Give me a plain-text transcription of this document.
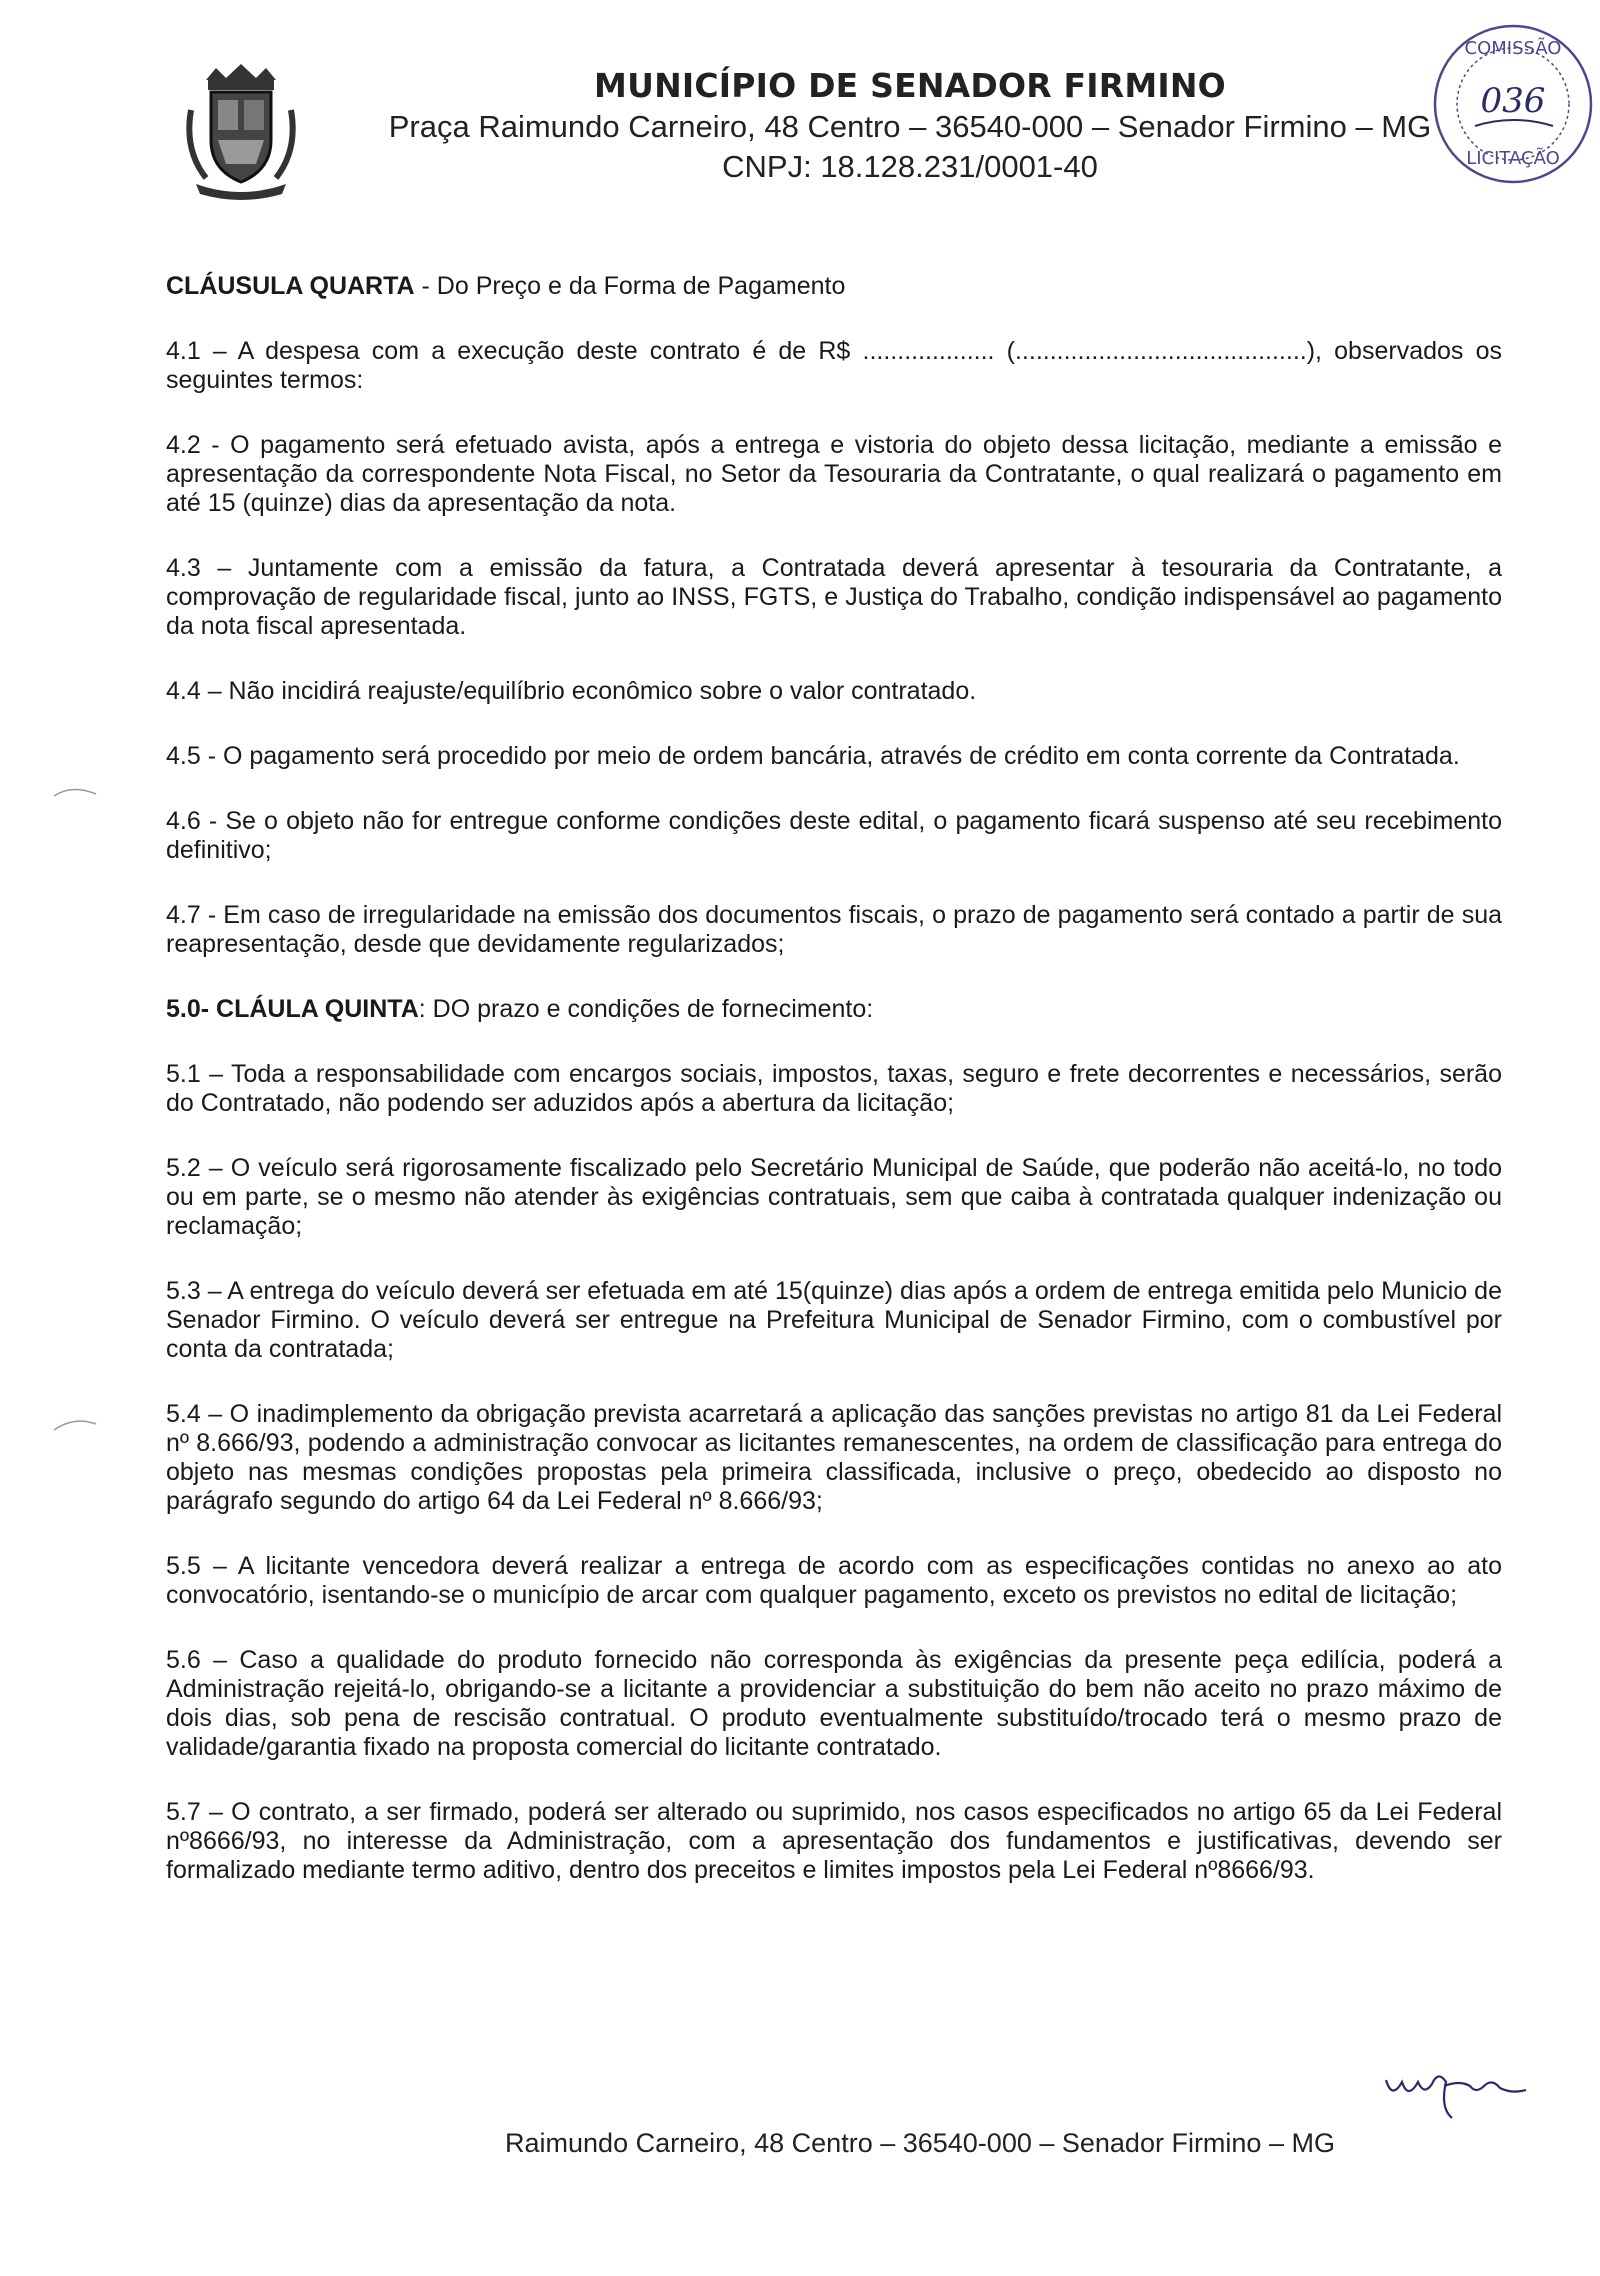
MUNICÍPIO DE SENADOR FIRMINO
Praça Raimundo Carneiro, 48 Centro – 36540-000 – Senador Firmino – MG
CNPJ: 18.128.231/0001-40
COMISSÃO
036
LICITAÇÃO

CLÁUSULA QUARTA - Do Preço e da Forma de Pagamento

4.1 – A despesa com a execução deste contrato é de R$ ................... (..........................................), observados os seguintes termos:

4.2 - O pagamento será efetuado avista, após a entrega e vistoria do objeto dessa licitação, mediante a emissão e apresentação da correspondente Nota Fiscal, no Setor da Tesouraria da Contratante, o qual realizará o pagamento em até 15 (quinze) dias da apresentação da nota.

4.3 – Juntamente com a emissão da fatura, a Contratada deverá apresentar à tesouraria da Contratante, a comprovação de regularidade fiscal, junto ao INSS, FGTS, e Justiça do Trabalho, condição indispensável ao pagamento da nota fiscal apresentada.

4.4 – Não incidirá reajuste/equilíbrio econômico sobre o valor contratado.

4.5 - O pagamento será procedido por meio de ordem bancária, através de crédito em conta corrente da Contratada.

4.6 - Se o objeto não for entregue conforme condições deste edital, o pagamento ficará suspenso até seu recebimento definitivo;

4.7 - Em caso de irregularidade na emissão dos documentos fiscais, o prazo de pagamento será contado a partir de sua reapresentação, desde que devidamente regularizados;

5.0- CLÁULA QUINTA: DO prazo e condições de fornecimento:

5.1 – Toda a responsabilidade com encargos sociais, impostos, taxas, seguro e frete decorrentes e necessários, serão do Contratado, não podendo ser aduzidos após a abertura da licitação;

5.2 – O veículo será rigorosamente fiscalizado pelo Secretário Municipal de Saúde, que poderão não aceitá-lo, no todo ou em parte, se o mesmo não atender às exigências contratuais, sem que caiba à contratada qualquer indenização ou reclamação;

5.3 – A entrega do veículo deverá ser efetuada em até 15(quinze) dias após a ordem de entrega emitida pelo Municio de Senador Firmino. O veículo deverá ser entregue na Prefeitura Municipal de Senador Firmino, com o combustível por conta da contratada;

5.4 – O inadimplemento da obrigação prevista acarretará a aplicação das sanções previstas no artigo 81 da Lei Federal nº 8.666/93, podendo a administração convocar as licitantes remanescentes, na ordem de classificação para entrega do objeto nas mesmas condições propostas pela primeira classificada, inclusive o preço, obedecido ao disposto no parágrafo segundo do artigo 64 da Lei Federal nº 8.666/93;

5.5 – A licitante vencedora deverá realizar a entrega de acordo com as especificações contidas no anexo ao ato convocatório, isentando-se o município de arcar com qualquer pagamento, exceto os previstos no edital de licitação;

5.6 – Caso a qualidade do produto fornecido não corresponda às exigências da presente peça edilícia, poderá a Administração rejeitá-lo, obrigando-se a licitante a providenciar a substituição do bem não aceito no prazo máximo de dois dias, sob pena de rescisão contratual. O produto eventualmente substituído/trocado terá o mesmo prazo de validade/garantia fixado na proposta comercial do licitante contratado.

5.7 – O contrato, a ser firmado, poderá ser alterado ou suprimido, nos casos especificados no artigo 65 da Lei Federal nº8666/93, no interesse da Administração, com a apresentação dos fundamentos e justificativas, devendo ser formalizado mediante termo aditivo, dentro dos preceitos e limites impostos pela Lei Federal nº8666/93.

Raimundo Carneiro, 48 Centro – 36540-000 – Senador Firmino – MG
